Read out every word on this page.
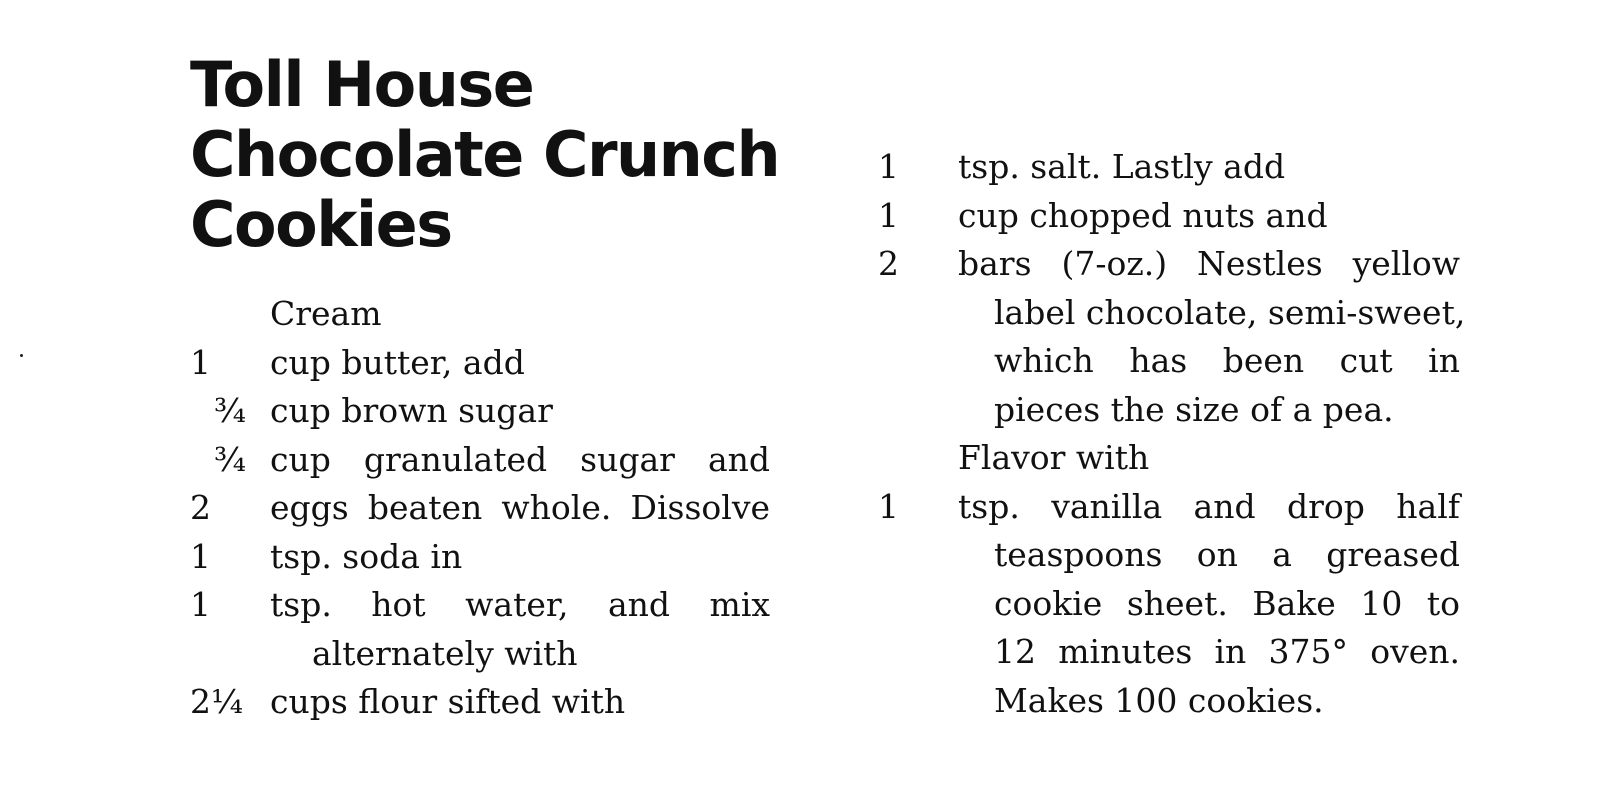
Toll House
Chocolate Crunch
Cookies
Cream
1	cup butter, add
¾ cup brown sugar
¾ cup granulated sugar and
2	eggs beaten whole. Dissolve
1	tsp. soda in
1	tsp. hot water, and mix
alternately with
2¼ cups flour sifted with
1	tsp. salt. Lastly add
1	cup chopped nuts and
2	bars (7-oz.) Nestles yellow
label chocolate, semi-sweet,
which has been cut in
pieces the size of a pea.
Flavor with
1	tsp. vanilla and drop half
teaspoons on a greased
cookie sheet. Bake 10 to
12 minutes in 375° oven.
Makes 100 cookies.
